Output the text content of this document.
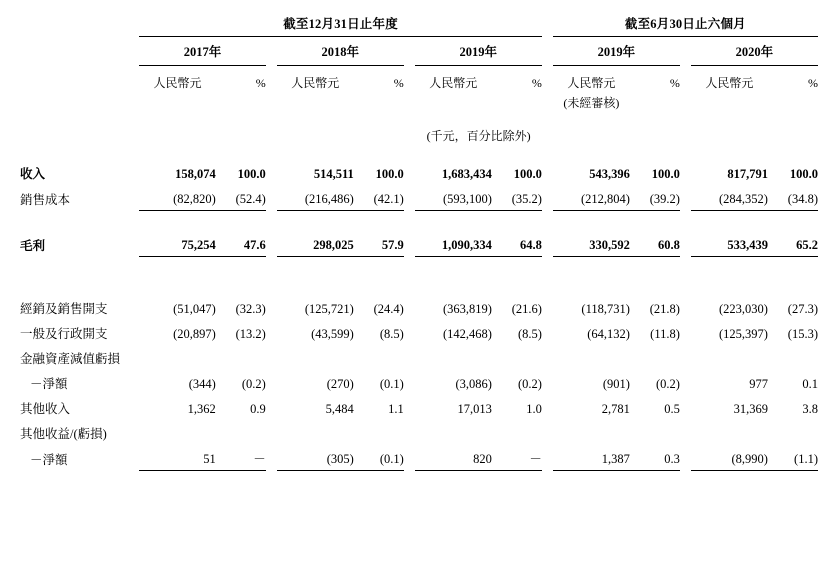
	截至12月31日止年度									截至6月30日止六個月				

	2017年			2018年			2019年			2019年			2020年	

	人民幣元	%		人民幣元	%		人民幣元	%		人民幣元	%		人民幣元	%
										(未經審核)				
	(千元，百分比除外)													
收入	158,074	100.0		514,511	100.0		1,683,434	100.0		543,396	100.0		817,791	100.0
銷售成本	(82,820)	(52.4)		(216,486)	(42.1)		(593,100)	(35.2)		(212,804)	(39.2)		(284,352)	(34.8)

毛利	75,254	47.6		298,025	57.9		1,090,334	64.8		330,592	60.8		533,439	65.2

經銷及銷售開支	(51,047)	(32.3)		(125,721)	(24.4)		(363,819)	(21.6)		(118,731)	(21.8)		(223,030)	(27.3)
一般及行政開支	(20,897)	(13.2)		(43,599)	(8.5)		(142,468)	(8.5)		(64,132)	(11.8)		(125,397)	(15.3)
金融資產減值虧損														
－淨額	(344)	(0.2)		(270)	(0.1)		(3,086)	(0.2)		(901)	(0.2)		977	0.1
其他收入	1,362	0.9		5,484	1.1		17,013	1.0		2,781	0.5		31,369	3.8
其他收益/(虧損)														
－淨額	51	－		(305)	(0.1)		820	－		1,387	0.3		(8,990)	(1.1)
